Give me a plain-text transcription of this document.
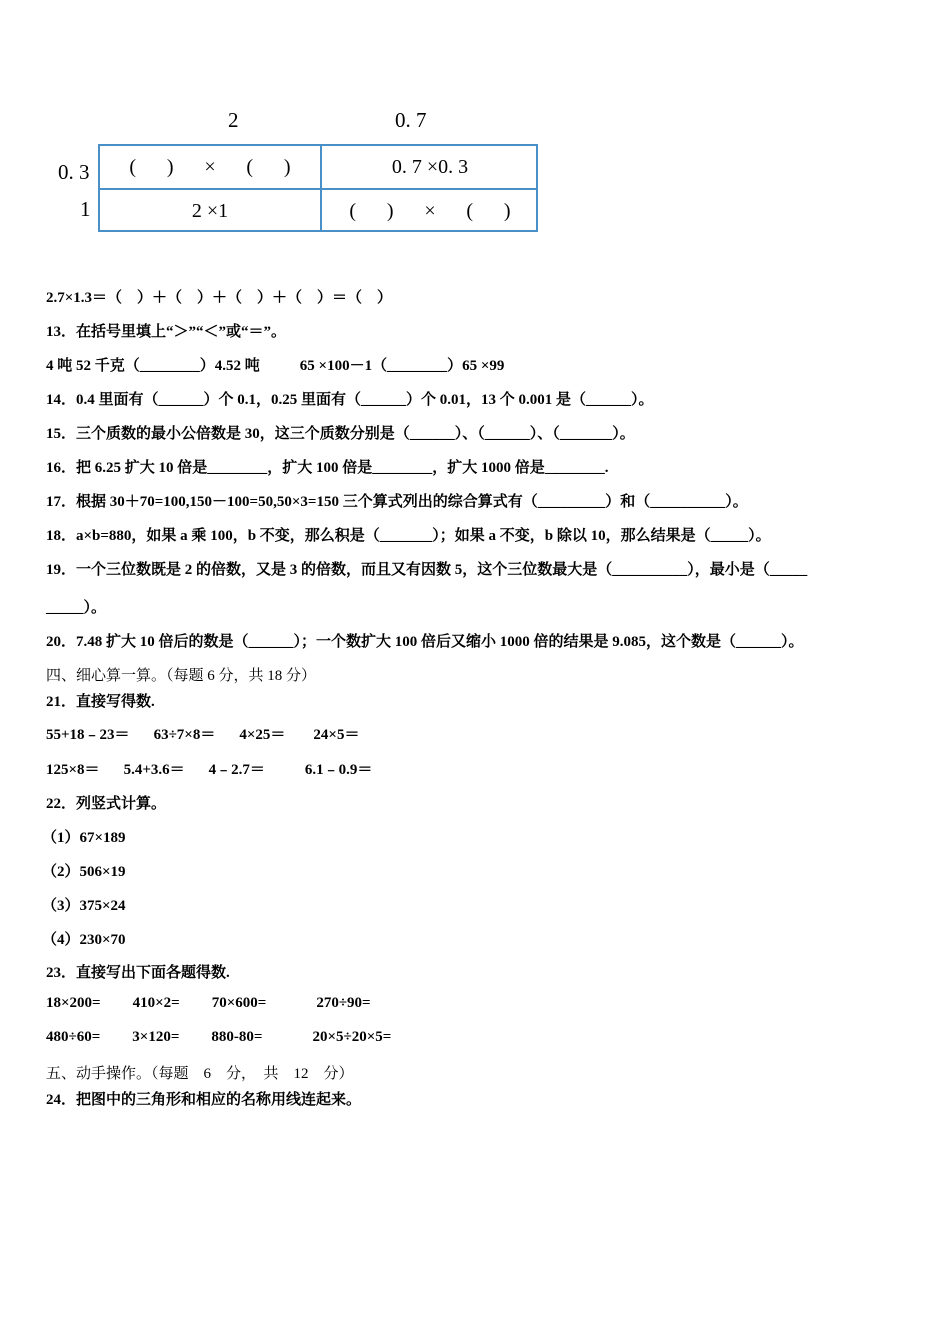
2	0. 7
0. 3
1
( ) × ( )	0. 7 ×0. 3
2 ×1	( ) × ( )
2.7×1.3＝（　）＋（　）＋（　）＋（　）＝（　）
13．在括号里填上“＞”“＜”或“＝”。
4 吨 52 千克（________）4.52 吨	65 ×100－1（________）65 ×99
14．0.4 里面有（______）个 0.1，0.25 里面有（______）个 0.01，13 个 0.001 是（______）。
15．三个质数的最小公倍数是 30，这三个质数分别是（______）、（______）、（_______）。
16．把 6.25 扩大 10 倍是________，扩大 100 倍是________，扩大 1000 倍是________.
17．根据 30＋70=100,150－100=50,50×3=150 三个算式列出的综合算式有（_________）和（__________）。
18．a×b=880，如果 a 乘 100，b 不变，那么积是（_______）；如果 a 不变，b 除以 10，那么结果是（_____）。
19．一个三位数既是 2 的倍数，又是 3 的倍数，而且又有因数 5，这个三位数最大是（__________），最小是（_____
_____）。
20．7.48 扩大 10 倍后的数是（______）；一个数扩大 100 倍后又缩小 1000 倍的结果是 9.085，这个数是（______）。
四、细心算一算。（每题 6 分，共 18 分）
21．直接写得数.
55+18﹣23＝ 63÷7×8＝ 4×25＝ 24×5＝
125×8＝ 5.4+3.6＝ 4﹣2.7＝	6.1﹣0.9＝
22．列竖式计算。
（1）67×189
（2）506×19
（3）375×24
（4）230×70
23．直接写出下面各题得数.
18×200= 410×2= 70×600=	270÷90=
480÷60= 3×120= 880-80=	20×5÷20×5=
五、动手操作。（每题　6　分，　共　12　分）
24．把图中的三角形和相应的名称用线连起来。
